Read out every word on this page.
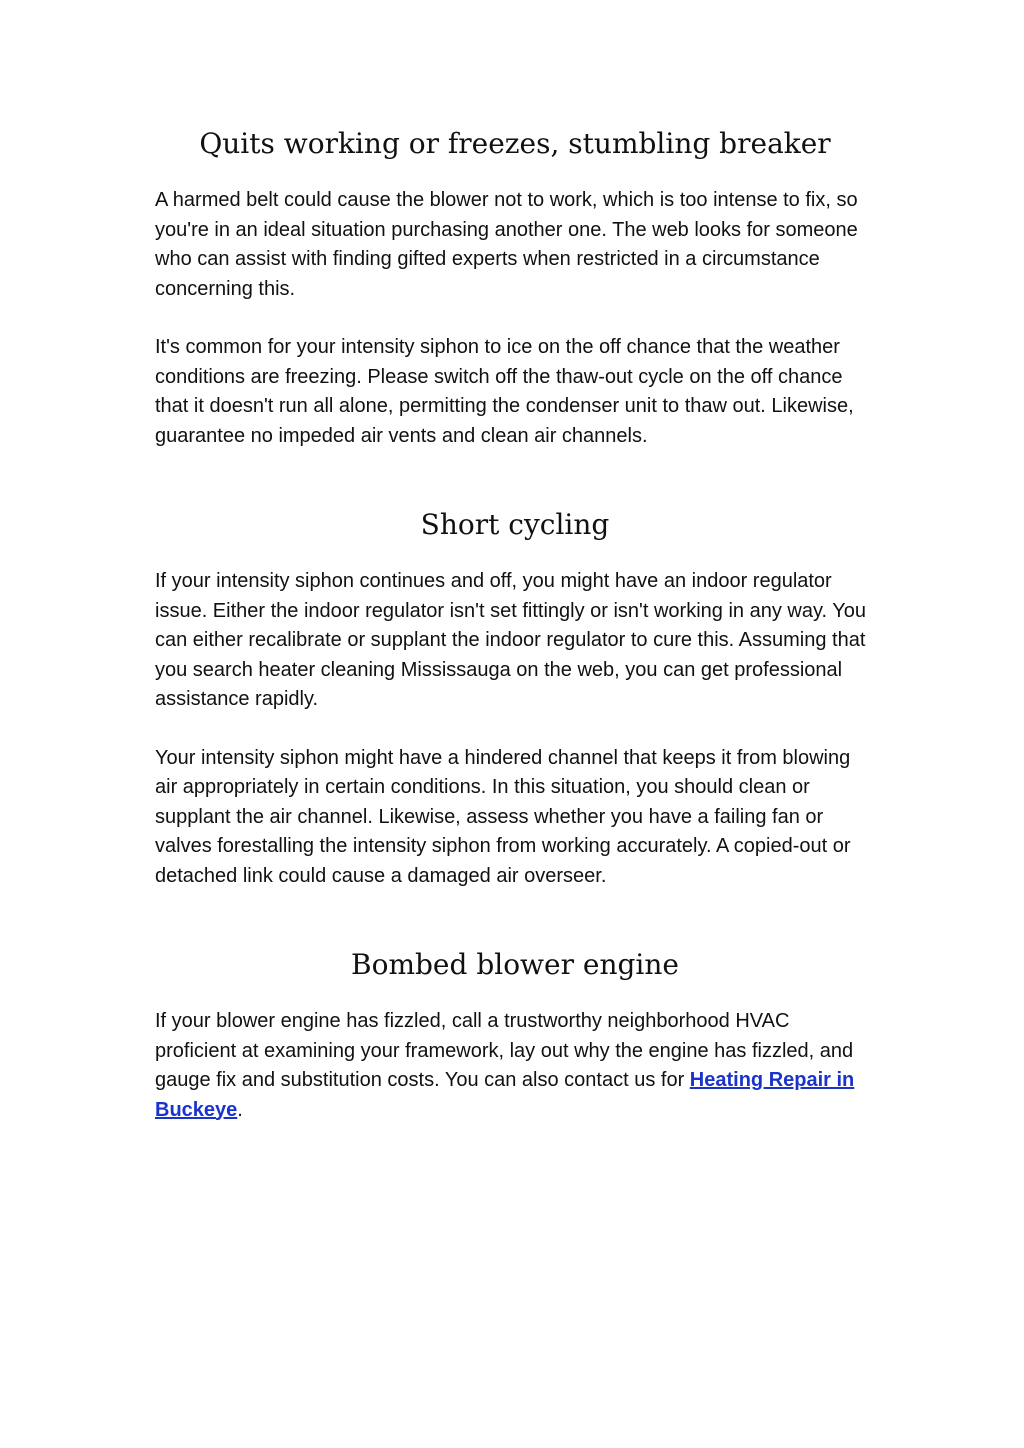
Quits working or freezes, stumbling breaker

A harmed belt could cause the blower not to work, which is too intense to fix, so you're in an ideal situation purchasing another one. The web looks for someone who can assist with finding gifted experts when restricted in a circumstance concerning this.

It's common for your intensity siphon to ice on the off chance that the weather conditions are freezing. Please switch off the thaw-out cycle on the off chance that it doesn't run all alone, permitting the condenser unit to thaw out. Likewise, guarantee no impeded air vents and clean air channels.

Short cycling

If your intensity siphon continues and off, you might have an indoor regulator issue. Either the indoor regulator isn't set fittingly or isn't working in any way. You can either recalibrate or supplant the indoor regulator to cure this. Assuming that you search heater cleaning Mississauga on the web, you can get professional assistance rapidly.

Your intensity siphon might have a hindered channel that keeps it from blowing air appropriately in certain conditions. In this situation, you should clean or supplant the air channel. Likewise, assess whether you have a failing fan or valves forestalling the intensity siphon from working accurately. A copied-out or detached link could cause a damaged air overseer.

Bombed blower engine

If your blower engine has fizzled, call a trustworthy neighborhood HVAC proficient at examining your framework, lay out why the engine has fizzled, and gauge fix and substitution costs. You can also contact us for Heating Repair in Buckeye.
